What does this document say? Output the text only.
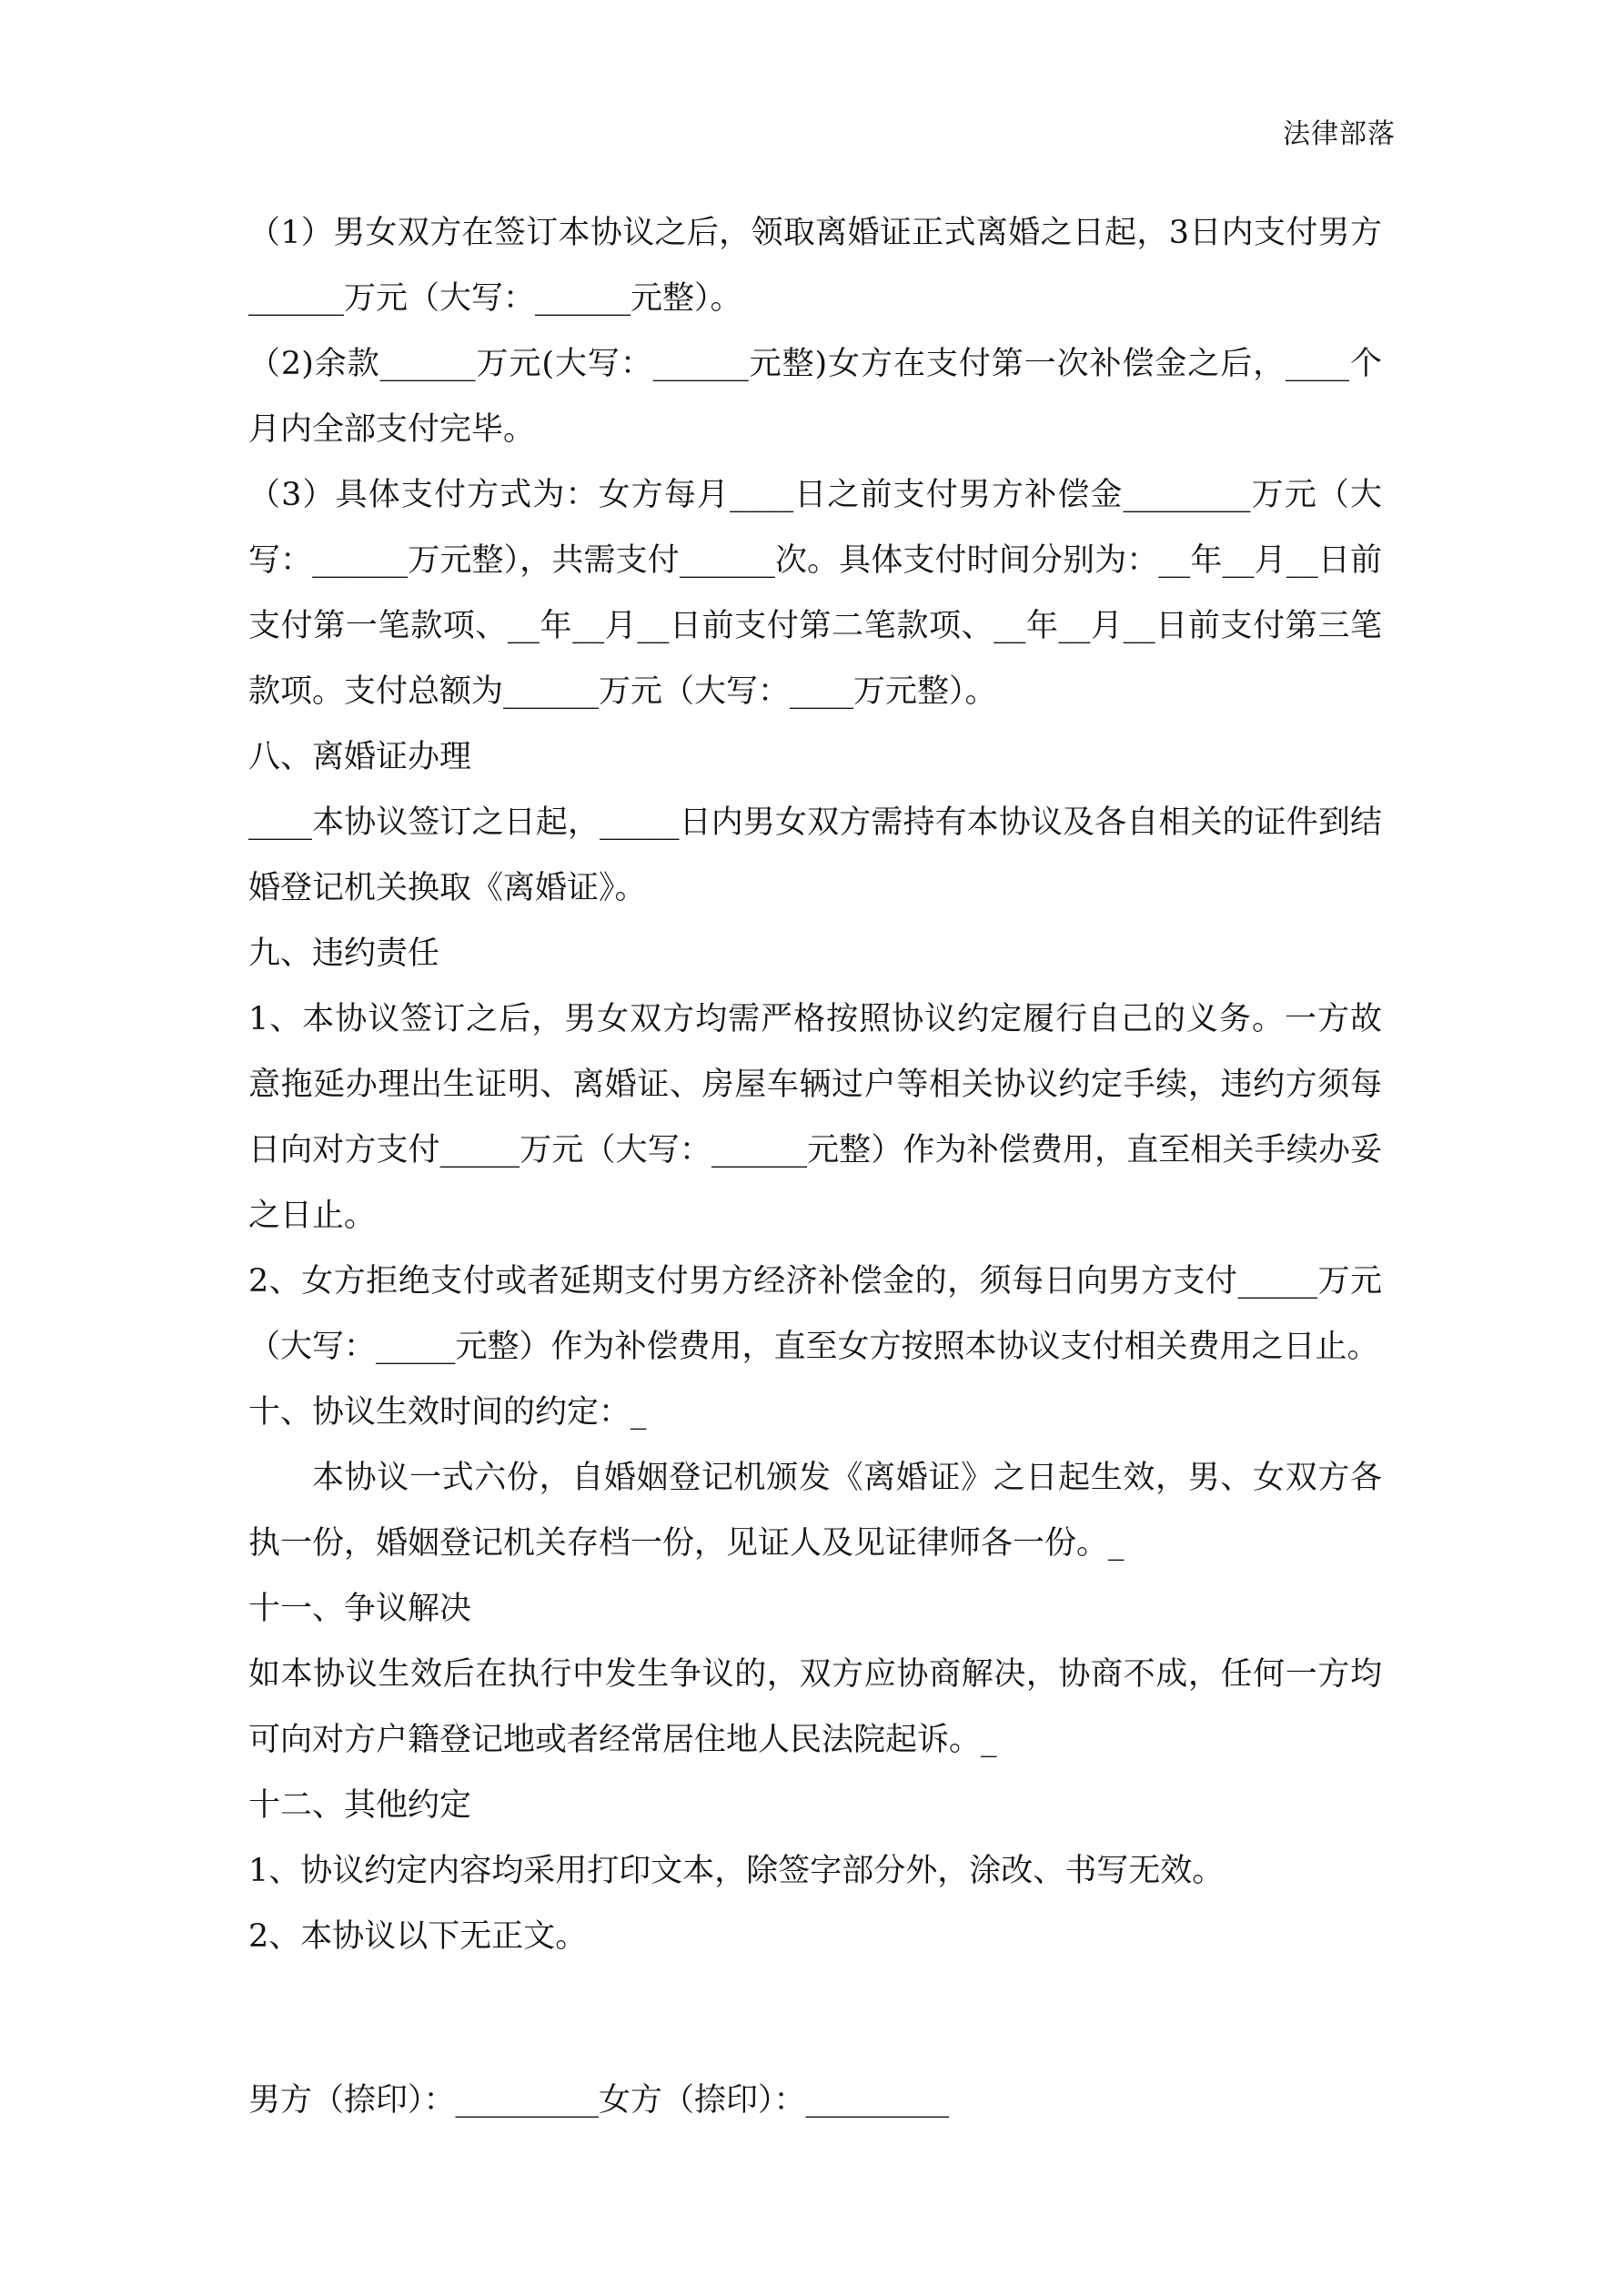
法律部落

（1）男女双方在签订本协议之后，领取离婚证正式离婚之日起，3日内支付男方______万元（大写：______元整）。

（2)余款______万元(大写：______元整)女方在支付第一次补偿金之后，____个月内全部支付完毕。

（3）具体支付方式为：女方每月____日之前支付男方补偿金________万元（大写：______万元整），共需支付______次。具体支付时间分别为：__年__月__日前支付第一笔款项、__年__月__日前支付第二笔款项、__年__月__日前支付第三笔款项。支付总额为______万元（大写：____万元整）。

八、离婚证办理

____本协议签订之日起，_____日内男女双方需持有本协议及各自相关的证件到结婚登记机关换取《离婚证》。

九、违约责任

1、本协议签订之后，男女双方均需严格按照协议约定履行自己的义务。一方故意拖延办理出生证明、离婚证、房屋车辆过户等相关协议约定手续，违约方须每日向对方支付_____万元（大写：______元整）作为补偿费用，直至相关手续办妥之日止。

2、女方拒绝支付或者延期支付男方经济补偿金的，须每日向男方支付_____万元（大写：_____元整）作为补偿费用，直至女方按照本协议支付相关费用之日止。

十、协议生效时间的约定：_

本协议一式六份，自婚姻登记机颁发《离婚证》之日起生效，男、女双方各执一份，婚姻登记机关存档一份，见证人及见证律师各一份。_

十一、争议解决

如本协议生效后在执行中发生争议的，双方应协商解决，协商不成，任何一方均可向对方户籍登记地或者经常居住地人民法院起诉。_

十二、其他约定

1、协议约定内容均采用打印文本，除签字部分外，涂改、书写无效。

2、本协议以下无正文。

男方（捺印）：_________女方（捺印）：_________
